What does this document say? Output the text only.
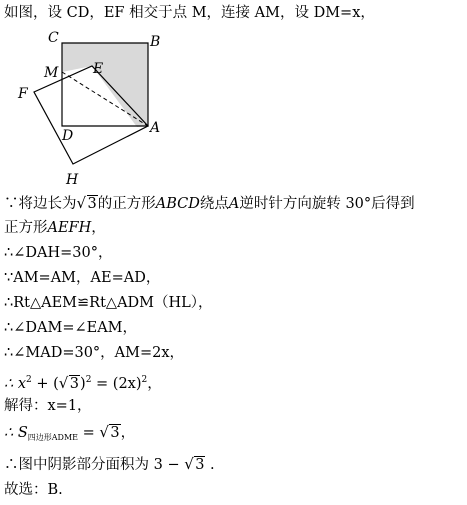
如图，设 CD，EF 相交于点 M，连接 AM，设 DM=x，
C	B
M E
F
D	A
H
∵将边长为 √ 3的正方形ABCD绕点A逆时针方向旋转 30°后得到
正方形AEFH，
∴∠DAH=30°，
∵AM=AM，AE=AD，
∴Rt△AEM≌Rt△ADM（HL），
∴∠DAM=∠EAM，
∴∠MAD=30°，AM=2x，
∴ $x^2$ + ( √ $3)^2 = (2x)^2$，
解得：x=1，
∴ $S_{四边形ADME}$ = √ 3，
∴图中阴影部分面积为 3 − √ 3 .
故选：B.
